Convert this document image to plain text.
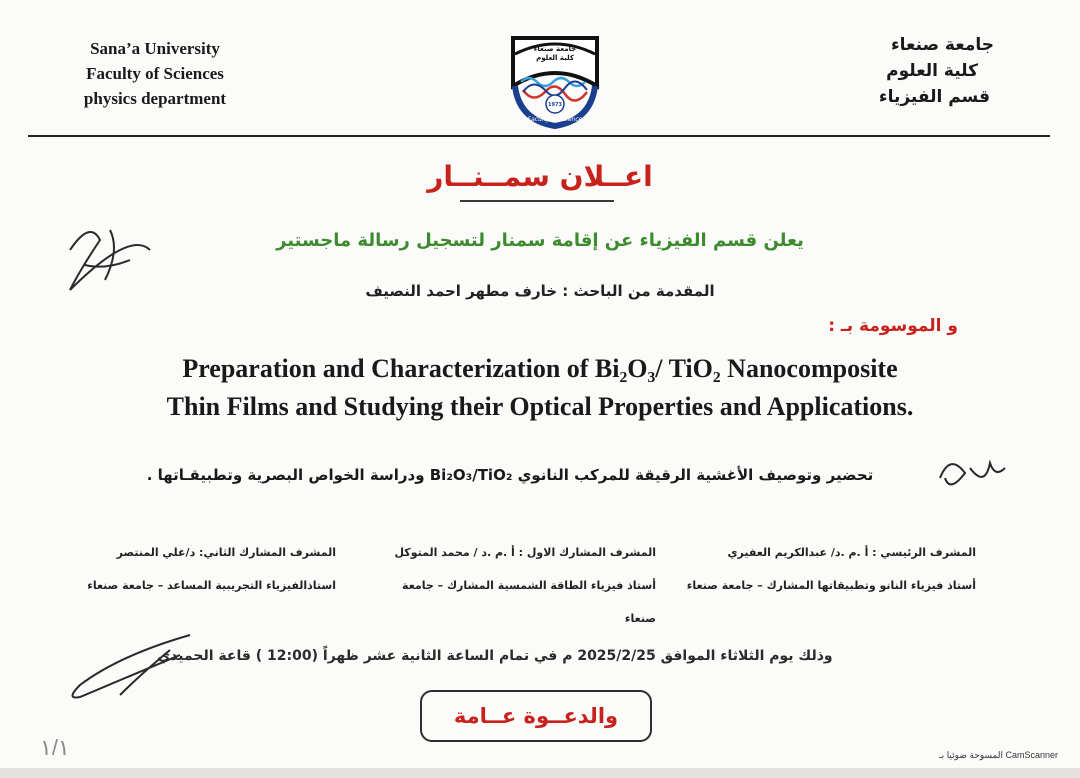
Sana’a University
Faculty of Sciences
physics department
جامعة صنعاء
كلية العلوم
قسم الفيزياء
جامعة صنعاء
كلية العلوم
1973
Faculty of Science
اعــلان سمــنــار
يعلن قسم الفيزياء عن إقامة سمنار لتسجيل رسالة ماجستير
المقدمة من الباحث : خارف مطهر احمد النصيف
و الموسومة بـ :
Preparation and Characterization of Bi₂O₃/ TiO₂ Nanocomposite
Thin Films and Studying their Optical Properties and Applications.
تحضير وتوصيف الأغشية الرقيقة للمركب النانوي Bi₂O₃/TiO₂ ودراسة الخواص البصرية وتطبيقـاتها .
المشرف الرئيسي : أ .م .د/ عبدالكريم العفيري
أستاذ فيزياء النانو وتطبيقاتها المشارك – جامعة صنعاء
المشرف المشارك الاول : أ .م .د / محمد المتوكل
أستاذ فيزياء الطاقة الشمسية المشارك – جامعة صنعاء
المشرف المشارك الثاني: د/علي المنتصر
استاذالفيزياء التجريبية المساعد – جامعة صنعاء
وذلك يوم الثلاثاء الموافق 2025/2/25 م في تمام الساعة الثانية عشر ظهراً (12:00 ) قاعة الحميدي
والدعــوة عــامة
١/١	المسوحة ضوئيا بـ CamScanner
